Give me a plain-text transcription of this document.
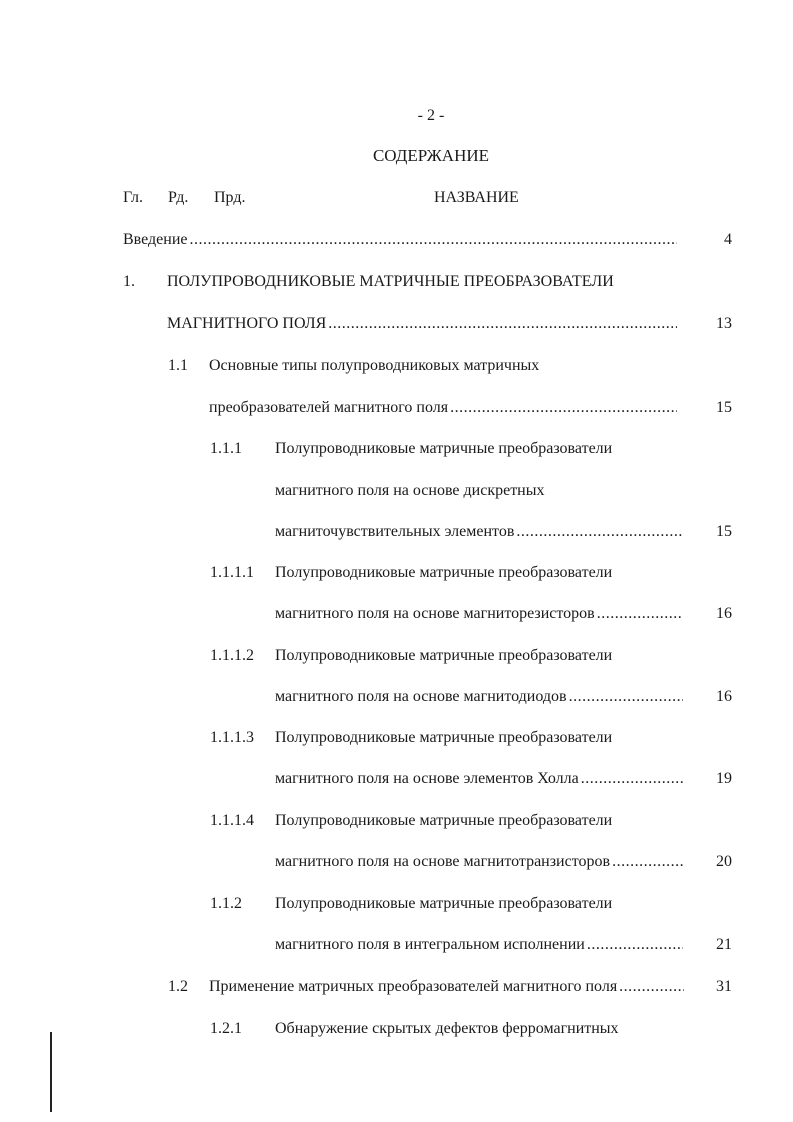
- 2 -
СОДЕРЖАНИЕ
Гл. Рд. Прд.	НАЗВАНИЕ
Введение .....	4
1. ПОЛУПРОВОДНИКОВЫЕ МАТРИЧНЫЕ ПРЕОБРАЗОВАТЕЛИ
МАГНИТНОГО ПОЛЯ .....	13
1.1 Основные типы полупроводниковых матричных
преобразователей магнитного поля .....	15
1.1.1 Полупроводниковые матричные преобразователи
магнитного поля на основе дискретных
магниточувствительных элементов .....	15
1.1.1.1 Полупроводниковые матричные преобразователи
магнитного поля на основе магниторезисторов .....	16
1.1.1.2 Полупроводниковые матричные преобразователи
магнитного поля на основе магнитодиодов .....	16
1.1.1.3 Полупроводниковые матричные преобразователи
магнитного поля на основе элементов Холла .....	19
1.1.1.4 Полупроводниковые матричные преобразователи
магнитного поля на основе магнитотранзисторов .....	20
1.1.2 Полупроводниковые матричные преобразователи
магнитного поля в интегральном исполнении .....	21
1.2 Применение матричных преобразователей магнитного поля .....	31
1.2.1 Обнаружение скрытых дефектов ферромагнитных
